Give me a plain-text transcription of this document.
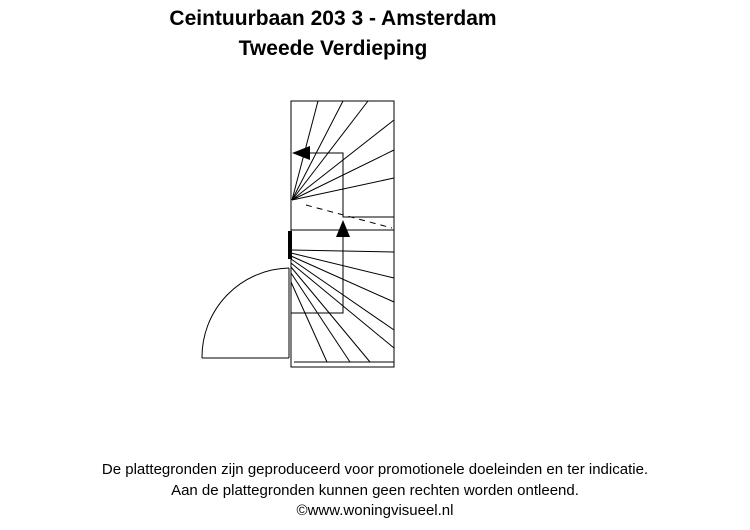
Ceintuurbaan 203 3 - Amsterdam
Tweede Verdieping
De plattegronden zijn geproduceerd voor promotionele doeleinden en ter indicatie.
Aan de plattegronden kunnen geen rechten worden ontleend.
©www.woningvisueel.nl
